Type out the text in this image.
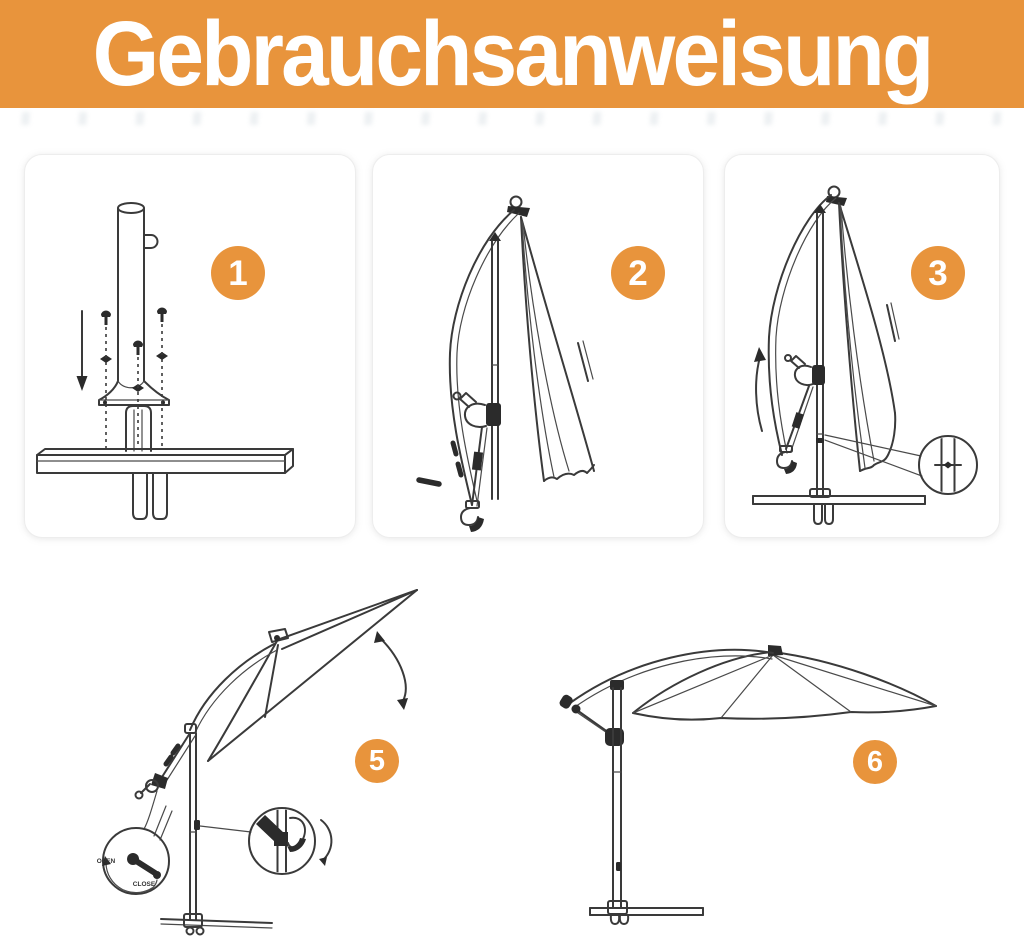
Gebrauchsanweisung
1	2	3
OPEN
CLOSE
5	6
